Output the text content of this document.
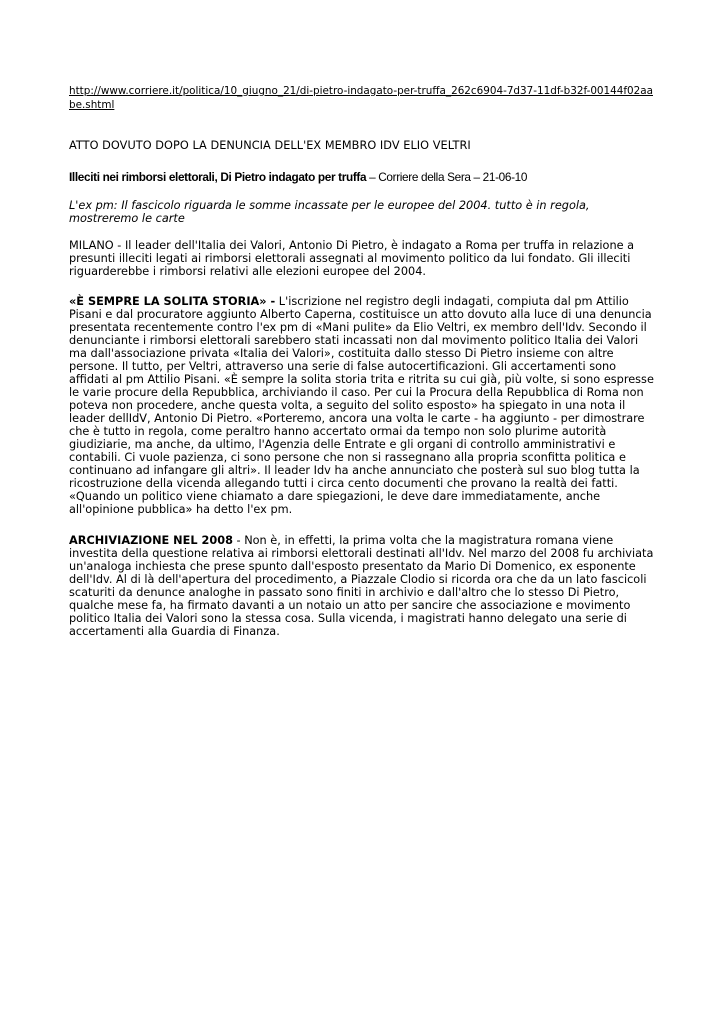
http://www.corriere.it/politica/10_giugno_21/di-pietro-indagato-per-truffa_262c6904-7d37-11df-b32f-00144f02aabe.shtml

ATTO DOVUTO DOPO LA DENUNCIA DELL'EX MEMBRO IDV ELIO VELTRI

Illeciti nei rimborsi elettorali, Di Pietro indagato per truffa – Corriere della Sera – 21-06-10

L'ex pm: Il fascicolo riguarda le somme incassate per le europee del 2004. tutto è in regola, mostreremo le carte

MILANO - Il leader dell'Italia dei Valori, Antonio Di Pietro, è indagato a Roma per truffa in relazione a presunti illeciti legati ai rimborsi elettorali assegnati al movimento politico da lui fondato. Gli illeciti riguarderebbe i rimborsi relativi alle elezioni europee del 2004.

«È SEMPRE LA SOLITA STORIA» - L'iscrizione nel registro degli indagati, compiuta dal pm Attilio Pisani e dal procuratore aggiunto Alberto Caperna, costituisce un atto dovuto alla luce di una denuncia presentata recentemente contro l'ex pm di «Mani pulite» da Elio Veltri, ex membro dell'Idv. Secondo il denunciante i rimborsi elettorali sarebbero stati incassati non dal movimento politico Italia dei Valori ma dall'associazione privata «Italia dei Valori», costituita dallo stesso Di Pietro insieme con altre persone. Il tutto, per Veltri, attraverso una serie di false autocertificazioni. Gli accertamenti sono affidati al pm Attilio Pisani. «È sempre la solita storia trita e ritrita su cui già, più volte, si sono espresse le varie procure della Repubblica, archiviando il caso. Per cui la Procura della Repubblica di Roma non poteva non procedere, anche questa volta, a seguito del solito esposto» ha spiegato in una nota il leader dellIdV, Antonio Di Pietro. «Porteremo, ancora una volta le carte - ha aggiunto - per dimostrare che è tutto in regola, come peraltro hanno accertato ormai da tempo non solo plurime autorità giudiziarie, ma anche, da ultimo, l'Agenzia delle Entrate e gli organi di controllo amministrativi e contabili. Ci vuole pazienza, ci sono persone che non si rassegnano alla propria sconfitta politica e continuano ad infangare gli altri». Il leader Idv ha anche annunciato che posterà sul suo blog tutta la ricostruzione della vicenda allegando tutti i circa cento documenti che provano la realtà dei fatti. «Quando un politico viene chiamato a dare spiegazioni, le deve dare immediatamente, anche all'opinione pubblica» ha detto l'ex pm.

ARCHIVIAZIONE NEL 2008 - Non è, in effetti, la prima volta che la magistratura romana viene investita della questione relativa ai rimborsi elettorali destinati all'Idv. Nel marzo del 2008 fu archiviata un'analoga inchiesta che prese spunto dall'esposto presentato da Mario Di Domenico, ex esponente dell'Idv. Al di là dell'apertura del procedimento, a Piazzale Clodio si ricorda ora che da un lato fascicoli scaturiti da denunce analoghe in passato sono finiti in archivio e dall'altro che lo stesso Di Pietro, qualche mese fa, ha firmato davanti a un notaio un atto per sancire che associazione e movimento politico Italia dei Valori sono la stessa cosa. Sulla vicenda, i magistrati hanno delegato una serie di accertamenti alla Guardia di Finanza.
